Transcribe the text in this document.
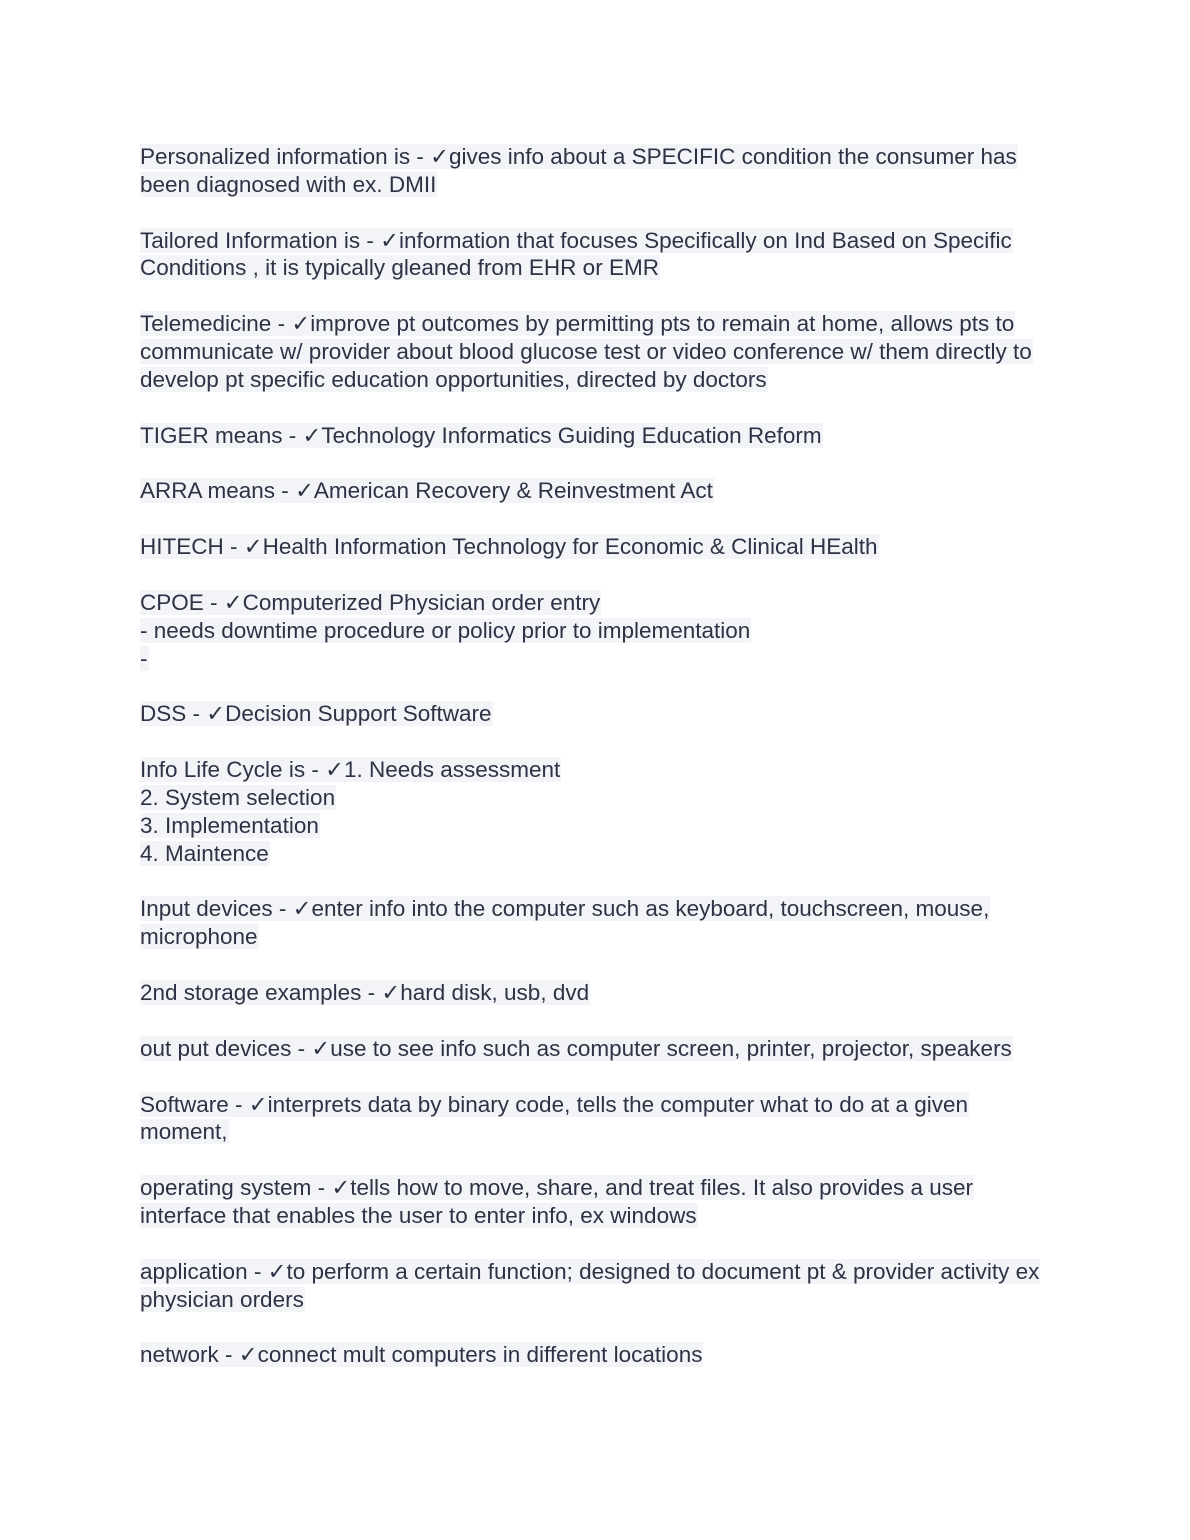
Personalized information is - ✓gives info about a SPECIFIC condition the consumer has been diagnosed with ex. DMII
Tailored Information is - ✓information that focuses Specifically on Ind Based on Specific Conditions , it is typically gleaned from EHR or EMR
Telemedicine - ✓improve pt outcomes by permitting pts to remain at home, allows pts to communicate w/ provider about blood glucose test or video conference w/ them directly to develop pt specific education opportunities, directed by doctors
TIGER means - ✓Technology Informatics Guiding Education Reform
ARRA means - ✓American Recovery & Reinvestment Act
HITECH - ✓Health Information Technology for Economic & Clinical HEalth
CPOE - ✓Computerized Physician order entry
- needs downtime procedure or policy prior to implementation
-
DSS - ✓Decision Support Software
Info Life Cycle is - ✓1. Needs assessment
2. System selection
3. Implementation
4. Maintence
Input devices - ✓enter info into the computer such as keyboard, touchscreen, mouse, microphone
2nd storage examples - ✓hard disk, usb, dvd
out put devices - ✓use to see info such as computer screen, printer, projector, speakers
Software - ✓interprets data by binary code, tells the computer what to do at a given moment,
operating system - ✓tells how to move, share, and treat files. It also provides a user interface that enables the user to enter info, ex windows
application - ✓to perform a certain function; designed to document pt & provider activity ex physician orders
network - ✓connect mult computers in different locations
